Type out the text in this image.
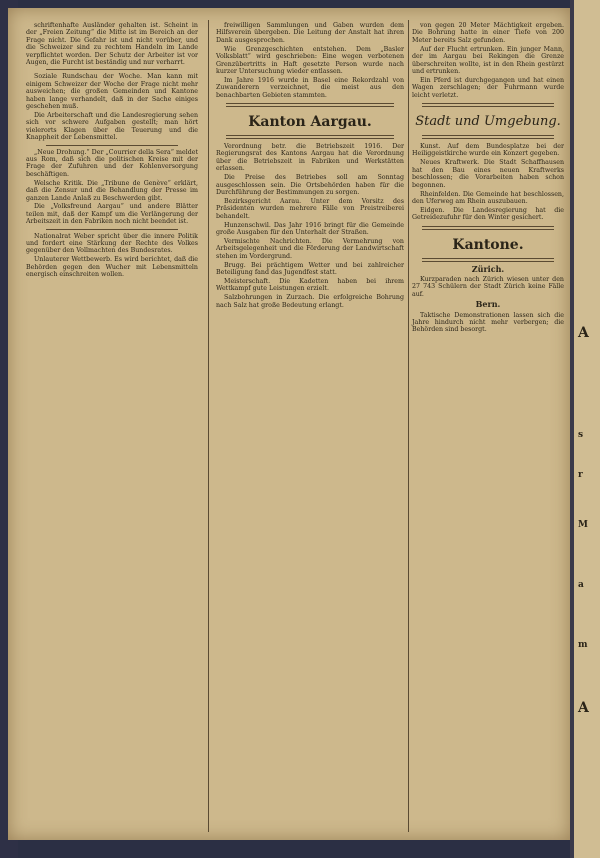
schriftenhafte Ausländer gehalten ist. Scheint in der „Freien Zeitung“ die Mitte ist im Bereich an der Frage nicht. Die Gefahr ist und nicht vorüber, und die Schweizer sind zu rechtem Handeln im Lande verpflichtet worden. Der Schutz der Arbeiter ist vor Augen, die Furcht ist beständig und nur verharrt.

Soziale Rundschau der Woche. Man kann mit einigem Schweizer der Woche der Frage nicht mehr ausweichen; die großen Gemeinden und Kantone haben lange verhandelt, daß in der Sache einiges geschehen muß.

Die Arbeiterschaft und die Landesregierung sehen sich vor schwere Aufgaben gestellt; man hört vielerorts Klagen über die Teuerung und die Knappheit der Lebensmittel.

„Neue Drohung.“ Der „Courrier della Sera“ meldet aus Rom, daß sich die politischen Kreise mit der Frage der Zufuhren und der Kohlenversorgung beschäftigen.

Welsche Kritik. Die „Tribune de Genève“ erklärt, daß die Zensur und die Behandlung der Presse im ganzen Lande Anlaß zu Beschwerden gibt.

Die „Volksfreund Aargau“ und andere Blätter teilen mit, daß der Kampf um die Verlängerung der Arbeitszeit in den Fabriken noch nicht beendet ist.

Nationalrat Weber spricht über die innere Politik und fordert eine Stärkung der Rechte des Volkes gegenüber den Vollmachten des Bundesrates.

Unlauterer Wettbewerb. Es wird berichtet, daß die Behörden gegen den Wucher mit Lebensmitteln energisch einschreiten wollen.

freiwilligen Sammlungen und Gaben wurden dem Hilfsverein übergeben. Die Leitung der Anstalt hat ihren Dank ausgesprochen.

Wie Grenzgeschichten entstehen. Dem „Basler Volksblatt“ wird geschrieben: Eine wegen verbotenen Grenzübertritts in Haft gesetzte Person wurde nach kurzer Untersuchung wieder entlassen.

Im Jahre 1916 wurde in Basel eine Rekordzahl von Zuwanderern verzeichnet, die meist aus den benachbarten Gebieten stammten.

Kanton Aargau.

Verordnung betr. die Betriebszeit 1916. Der Regierungsrat des Kantons Aargau hat die Verordnung über die Betriebszeit in Fabriken und Werkstätten erlassen.

Die Preise des Betriebes soll am Sonntag ausgeschlossen sein. Die Ortsbehörden haben für die Durchführung der Bestimmungen zu sorgen.

Bezirksgericht Aarau. Unter dem Vorsitz des Präsidenten wurden mehrere Fälle von Preistreiberei behandelt.

Hunzenschwil. Das Jahr 1916 bringt für die Gemeinde große Ausgaben für den Unterhalt der Straßen.

Vermischte Nachrichten. Die Vermehrung von Arbeitsgelegenheit und die Förderung der Landwirtschaft stehen im Vordergrund.

Brugg. Bei prächtigem Wetter und bei zahlreicher Beteiligung fand das Jugendfest statt.

Meisterschaft. Die Kadetten haben bei ihrem Wettkampf gute Leistungen erzielt.

Salzbohrungen in Zurzach. Die erfolgreiche Bohrung nach Salz hat große Bedeutung erlangt.

von gegen 20 Meter Mächtigkeit ergeben. Die Bohrung hatte in einer Tiefe von 200 Meter bereits Salz gefunden.

Auf der Flucht ertrunken. Ein junger Mann, der im Aargau bei Rekingen die Grenze überschreiten wollte, ist in den Rhein gestürzt und ertrunken.

Ein Pferd ist durchgegangen und hat einen Wagen zerschlagen; der Fuhrmann wurde leicht verletzt.

Stadt und Umgebung.

Kunst. Auf dem Bundesplatze bei der Heiliggeistkirche wurde ein Konzert gegeben.

Neues Kraftwerk. Die Stadt Schaffhausen hat den Bau eines neuen Kraftwerks beschlossen; die Vorarbeiten haben schon begonnen.

Rheinfelden. Die Gemeinde hat beschlossen, den Uferweg am Rhein auszubauen.

Eidgen. Die Landesregierung hat die Getreidezufuhr für den Winter gesichert.

Kantone.
Zürich.

Kurzparaden nach Zürich wiesen unter den 27 743 Schülern der Stadt Zürich keine Fälle auf.

Bern.

Taktische Demonstrationen lassen sich die Jahre hindurch nicht mehr verbergen; die Behörden sind besorgt.	A
s
r
M
a
m
A
